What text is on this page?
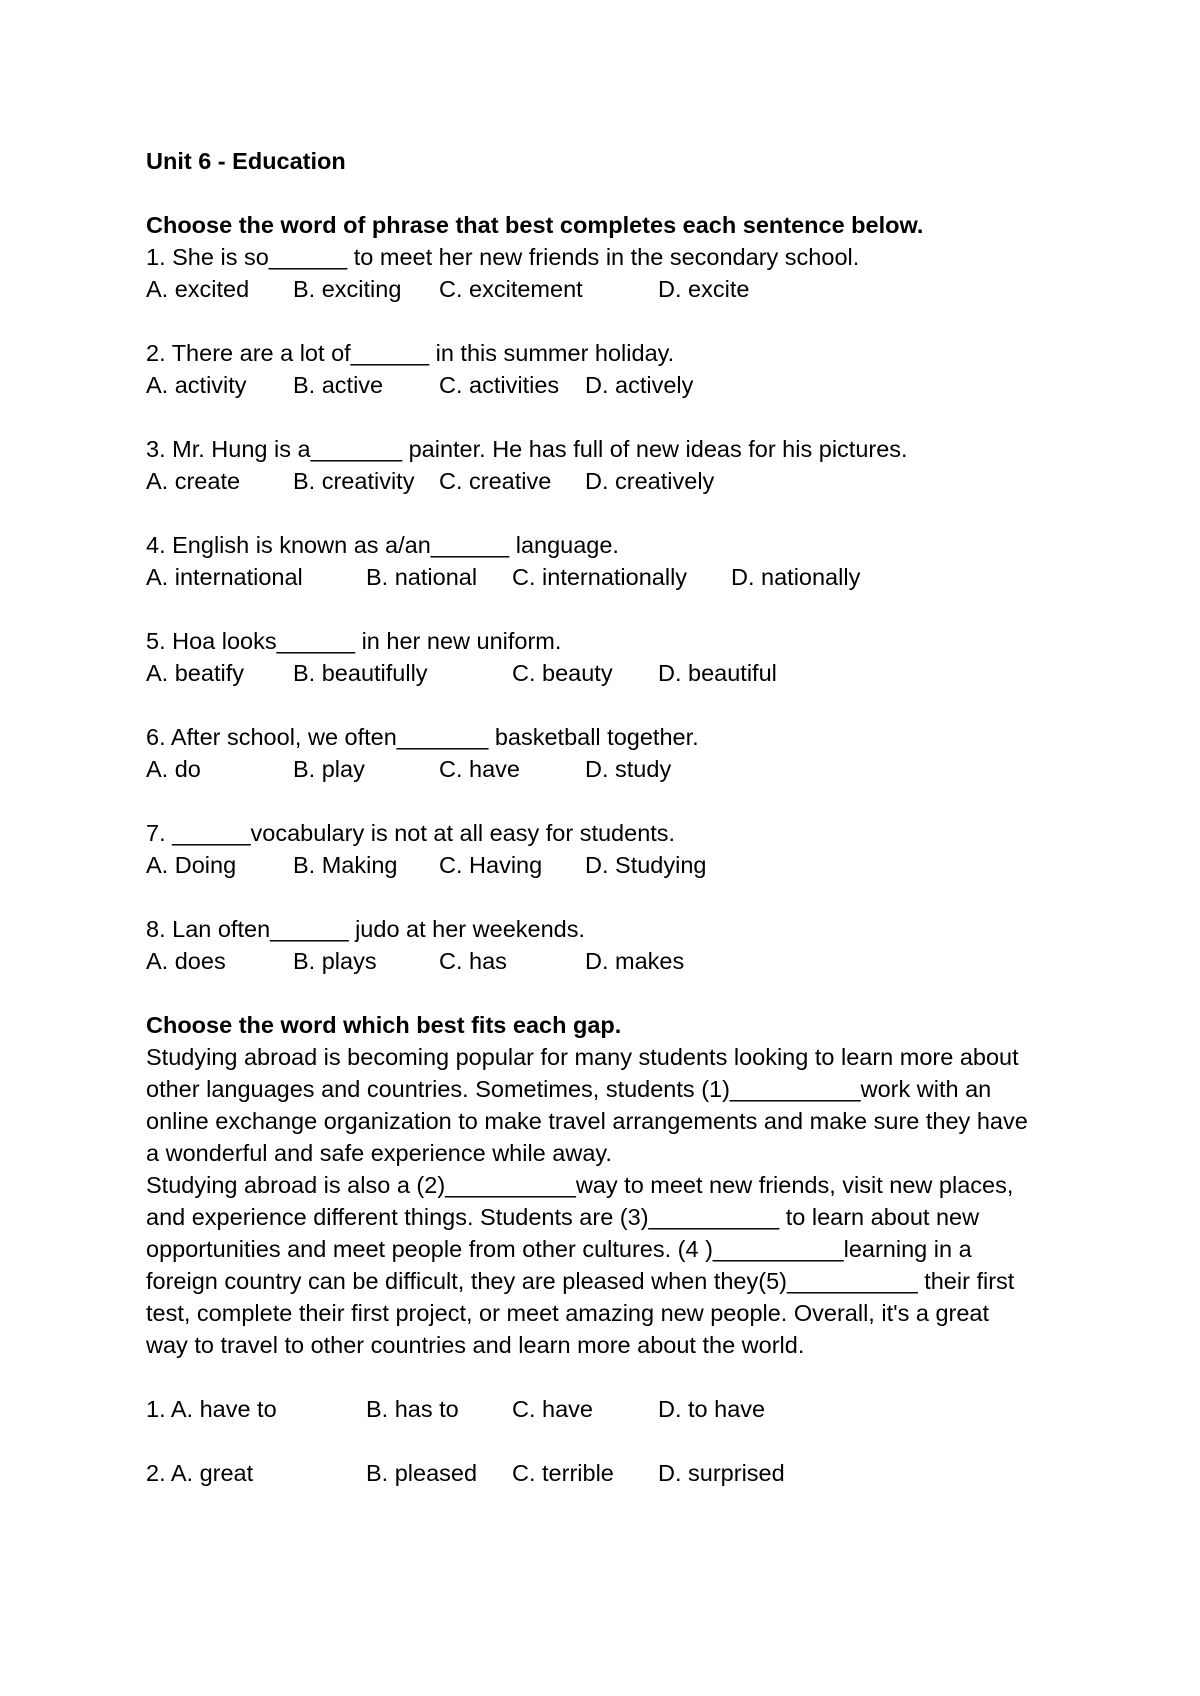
Unit 6 - Education
Choose the word of phrase that best completes each sentence below.
1. She is so______ to meet her new friends in the secondary school.
A. excited B. exciting C. excitement	D. excite
2. There are a lot of______ in this summer holiday.
A. activity B. active C. activities D. actively
3. Mr. Hung is a_______ painter. He has full of new ideas for his pictures.
A. create B. creativity C. creative D. creatively
4. English is known as a/an______ language.
A. international	B. national C. internationally D. nationally
5. Hoa looks______ in her new uniform.
A. beatify B. beautifully	C. beauty D. beautiful
6. After school, we often_______ basketball together.
A. do	B. play	C. have	D. study
7. ______vocabulary is not at all easy for students.
A. Doing B. Making C. Having D. Studying
8. Lan often______ judo at her weekends.
A. does	B. plays	C. has	D. makes
Choose the word which best fits each gap.
Studying abroad is becoming popular for many students looking to learn more about
other languages and countries. Sometimes, students (1)__________work with an
online exchange organization to make travel arrangements and make sure they have
a wonderful and safe experience while away.
Studying abroad is also a (2)__________way to meet new friends, visit new places,
and experience different things. Students are (3)__________ to learn about new
opportunities and meet people from other cultures. (4 )__________learning in a
foreign country can be difficult, they are pleased when they(5)__________ their first
test, complete their first project, or meet amazing new people. Overall, it's a great
way to travel to other countries and learn more about the world.
1. A. have to	B. has to C. have	D. to have
2. A. great	B. pleased C. terrible D. surprised
